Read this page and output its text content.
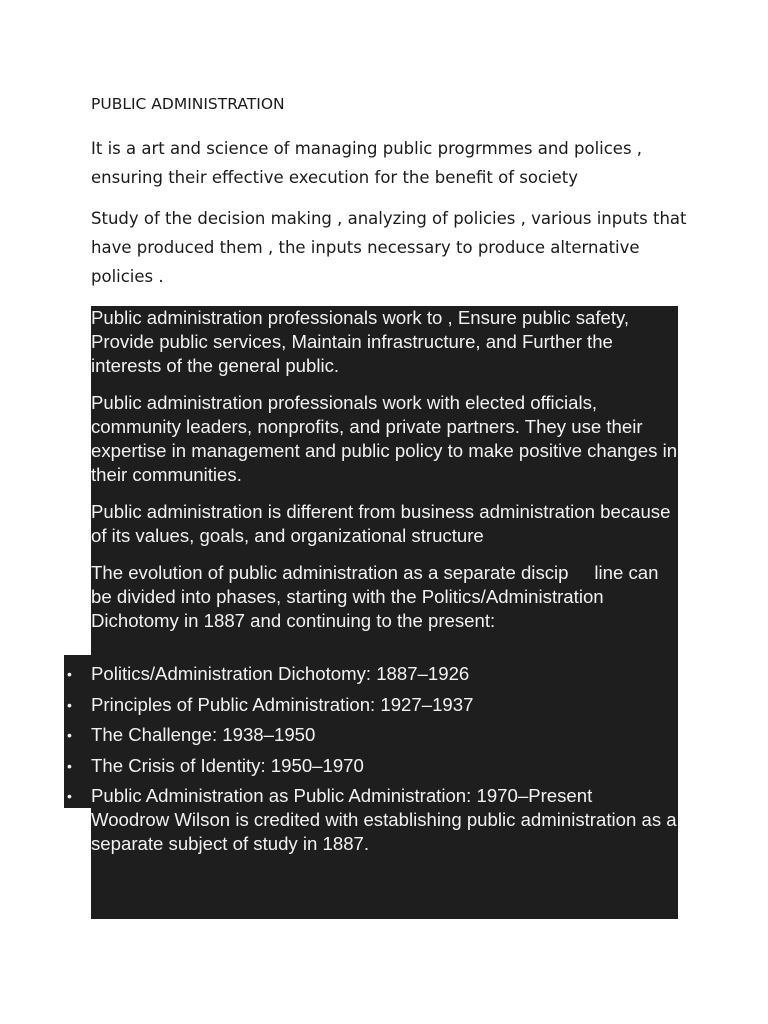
PUBLIC ADMINISTRATION
It is a art and science of managing public progrmmes and polices , ensuring their effective execution for the benefit of society
Study of the decision making , analyzing of policies , various inputs that have produced them , the inputs necessary to produce alternative policies .

Public administration professionals work to , Ensure public safety, Provide public services, Maintain infrastructure, and Further the interests of the general public.

Public administration professionals work with elected officials, community leaders, nonprofits, and private partners. They use their expertise in management and public policy to make positive changes in their communities.

Public administration is different from business administration because of its values, goals, and organizational structure

The evolution of public administration as a separate discip     line can be divided into phases, starting with the Politics/Administration Dichotomy in 1887 and continuing to the present:

• Politics/Administration Dichotomy: 1887–1926
• Principles of Public Administration: 1927–1937
• The Challenge: 1938–1950
• The Crisis of Identity: 1950–1970
• Public Administration as Public Administration: 1970–Present
Woodrow Wilson is credited with establishing public administration as a separate subject of study in 1887.
